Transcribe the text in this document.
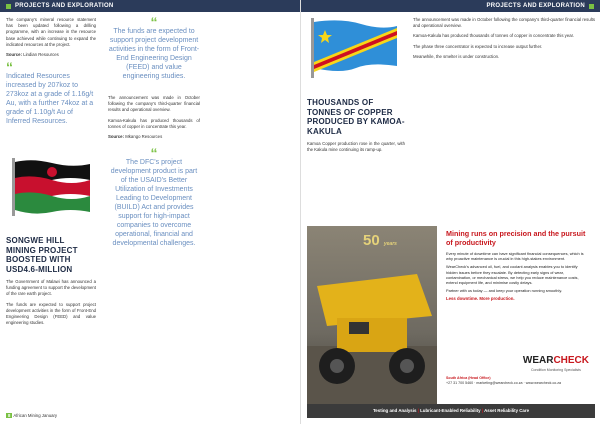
PROJECTS AND EXPLORATION

The company's mineral resource statement has been updated following a drilling programme, with an increase in the resource base achieved while continuing to expand the indicated resources at the project.

Source: Lindian Resources

“
Indicated Resources increased by 207koz to 273koz at a grade of 1.16g/t Au, with a further 74koz at a grade of 1.10g/t Au of Inferred Resources.
SONGWE HILL MINING PROJECT BOOSTED WITH USD4.6-MILLION

The Government of Malawi has announced a funding agreement to support the development of the rare earth project.

The funds are expected to support project development activities in the form of Front-End Engineering Design (FEED) and value engineering studies.

“
The funds are expected to support project development activities in the form of Front-End Engineering Design (FEED) and value engineering studies.

The announcement was made in October following the company's third-quarter financial results and operational overview.

Kamoa-Kakula has produced thousands of tonnes of copper in concentrate this year.

Source: Mkango Resources

“
The DFC's project development product is part of the USAID's Better Utilization of Investments Leading to Development (BUILD) Act and provides support for high-impact companies to overcome operational, financial and developmental challenges.
8 African Mining January
PROJECTS AND EXPLORATION
THOUSANDS OF TONNES OF COPPER PRODUCED BY KAMOA-KAKULA

Kamoa Copper production rose in the quarter, with the Kakula mine continuing its ramp-up.

The announcement was made in October following the company's third-quarter financial results and operational overview.

Kamoa-Kakula has produced thousands of tonnes of copper in concentrate this year.

The phase three concentrator is expected to increase output further.

Meanwhile, the smelter is under construction.

50 years
Mining runs on precision and the pursuit of productivity
Every minute of downtime can have significant financial consequences, which is why proactive maintenance is crucial in this high-stakes environment.
WearCheck's advanced oil, fuel, and coolant analysis enables you to identify hidden issues before they escalate. By detecting early signs of wear, contamination, or mechanical stress, we help you reduce maintenance costs, extend equipment life, and minimise costly delays.
Partner with us today — and keep your operation running smoothly.
Less downtime. More production.
WEARCHECK
Condition Monitoring Specialists
South Africa (Head Office)
+27 31 700 5460 · marketing@wearcheck.co.za · www.wearcheck.co.za
Testing and Analysis | Lubricant-Enabled Reliability | Asset Reliability Care
